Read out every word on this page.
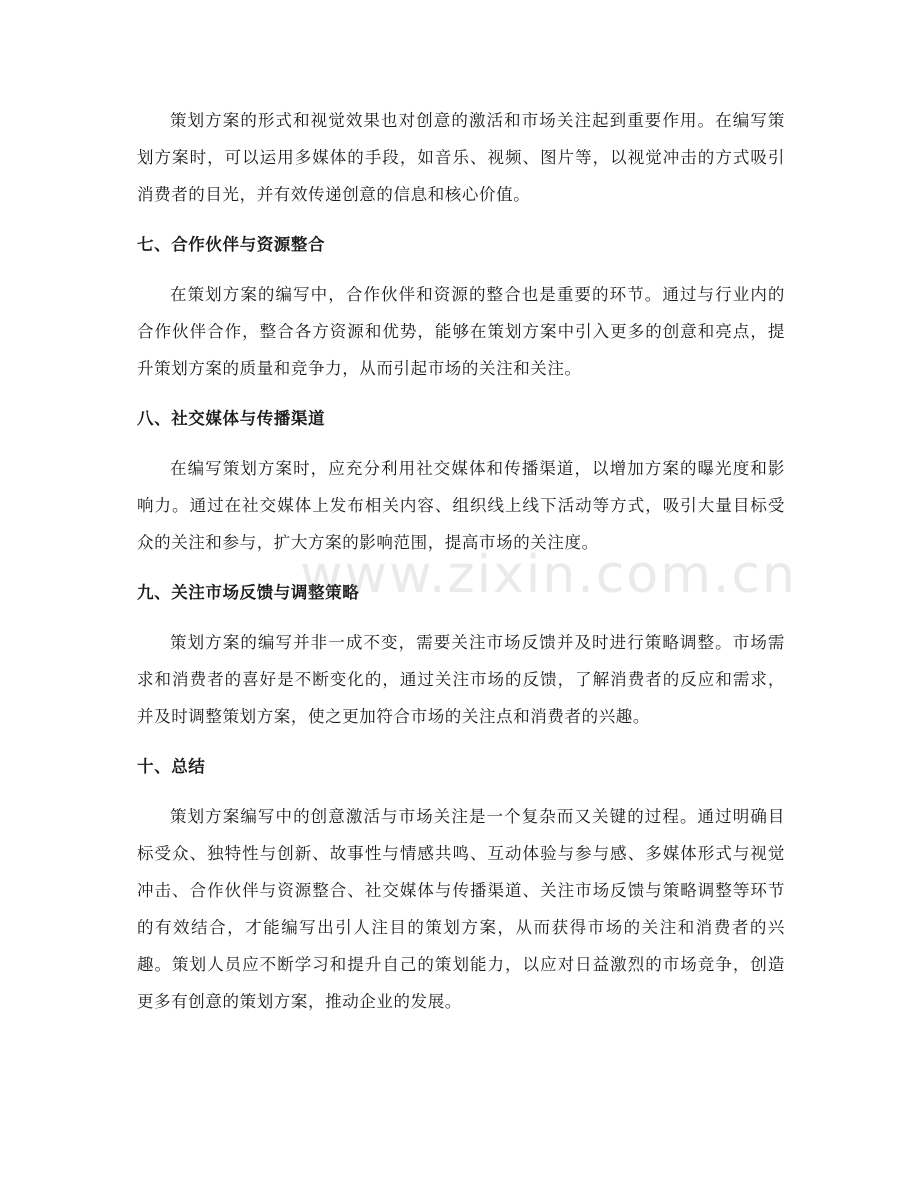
策划方案的形式和视觉效果也对创意的激活和市场关注起到重要作用。在编写策划方案时，可以运用多媒体的手段，如音乐、视频、图片等，以视觉冲击的方式吸引消费者的目光，并有效传递创意的信息和核心价值。

七、合作伙伴与资源整合

在策划方案的编写中，合作伙伴和资源的整合也是重要的环节。通过与行业内的合作伙伴合作，整合各方资源和优势，能够在策划方案中引入更多的创意和亮点，提升策划方案的质量和竞争力，从而引起市场的关注和关注。

八、社交媒体与传播渠道

在编写策划方案时，应充分利用社交媒体和传播渠道，以增加方案的曝光度和影响力。通过在社交媒体上发布相关内容、组织线上线下活动等方式，吸引大量目标受众的关注和参与，扩大方案的影响范围，提高市场的关注度。

九、关注市场反馈与调整策略

策划方案的编写并非一成不变，需要关注市场反馈并及时进行策略调整。市场需求和消费者的喜好是不断变化的，通过关注市场的反馈，了解消费者的反应和需求，并及时调整策划方案，使之更加符合市场的关注点和消费者的兴趣。

十、总结

策划方案编写中的创意激活与市场关注是一个复杂而又关键的过程。通过明确目标受众、独特性与创新、故事性与情感共鸣、互动体验与参与感、多媒体形式与视觉冲击、合作伙伴与资源整合、社交媒体与传播渠道、关注市场反馈与策略调整等环节的有效结合，才能编写出引人注目的策划方案，从而获得市场的关注和消费者的兴趣。策划人员应不断学习和提升自己的策划能力，以应对日益激烈的市场竞争，创造更多有创意的策划方案，推动企业的发展。

www.zixin.com.cn
